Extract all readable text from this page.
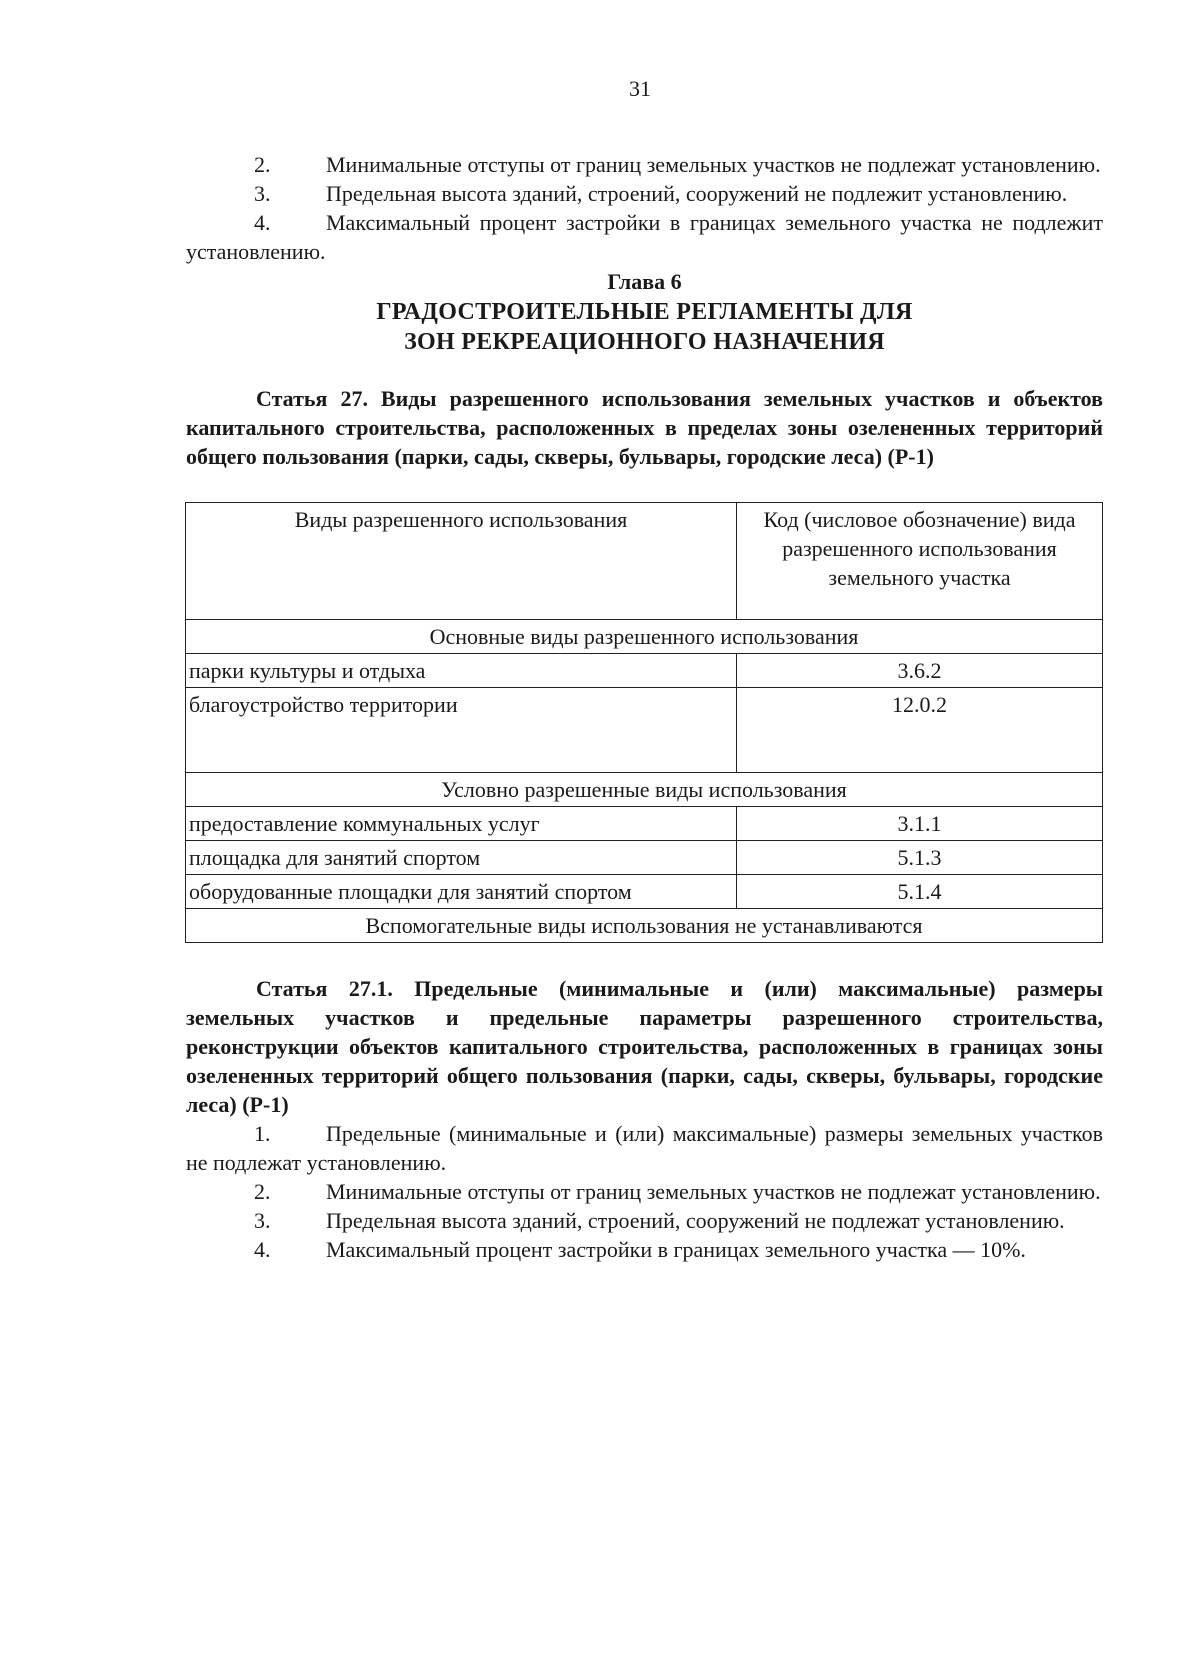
31

2.	Минимальные отступы от границ земельных участков не подлежат установлению.

3.	Предельная высота зданий, строений, сооружений не подлежит установлению.

4.	Максимальный процент застройки в границах земельного участка не подлежит установлению.

Глава 6

ГРАДОСТРОИТЕЛЬНЫЕ РЕГЛАМЕНТЫ ДЛЯ

ЗОН РЕКРЕАЦИОННОГО НАЗНАЧЕНИЯ

Статья 27. Виды разрешенного использования земельных участков и объектов капитального строительства, расположенных в пределах зоны озелененных территорий общего пользования (парки, сады, скверы, бульвары, городские леса) (Р-1)

Виды разрешенного использования	Код (числовое обозначение) вида разрешенного использования земельного участка
Основные виды разрешенного использования	
парки культуры и отдыха	3.6.2
благоустройство территории	12.0.2
Условно разрешенные виды использования	
предоставление коммунальных услуг	3.1.1
площадка для занятий спортом	5.1.3
оборудованные площадки для занятий спортом	5.1.4
Вспомогательные виды использования не устанавливаются	

Статья 27.1. Предельные (минимальные и (или) максимальные) размеры земельных участков и предельные параметры разрешенного строительства, реконструкции объектов капитального строительства, расположенных в границах зоны озелененных территорий общего пользования (парки, сады, скверы, бульвары, городские леса) (Р-1)

1.	Предельные (минимальные и (или) максимальные) размеры земельных участков не подлежат установлению.

2.	Минимальные отступы от границ земельных участков не подлежат установлению.

3.	Предельная высота зданий, строений, сооружений не подлежат установлению.

4.	Максимальный процент застройки в границах земельного участка — 10%.
